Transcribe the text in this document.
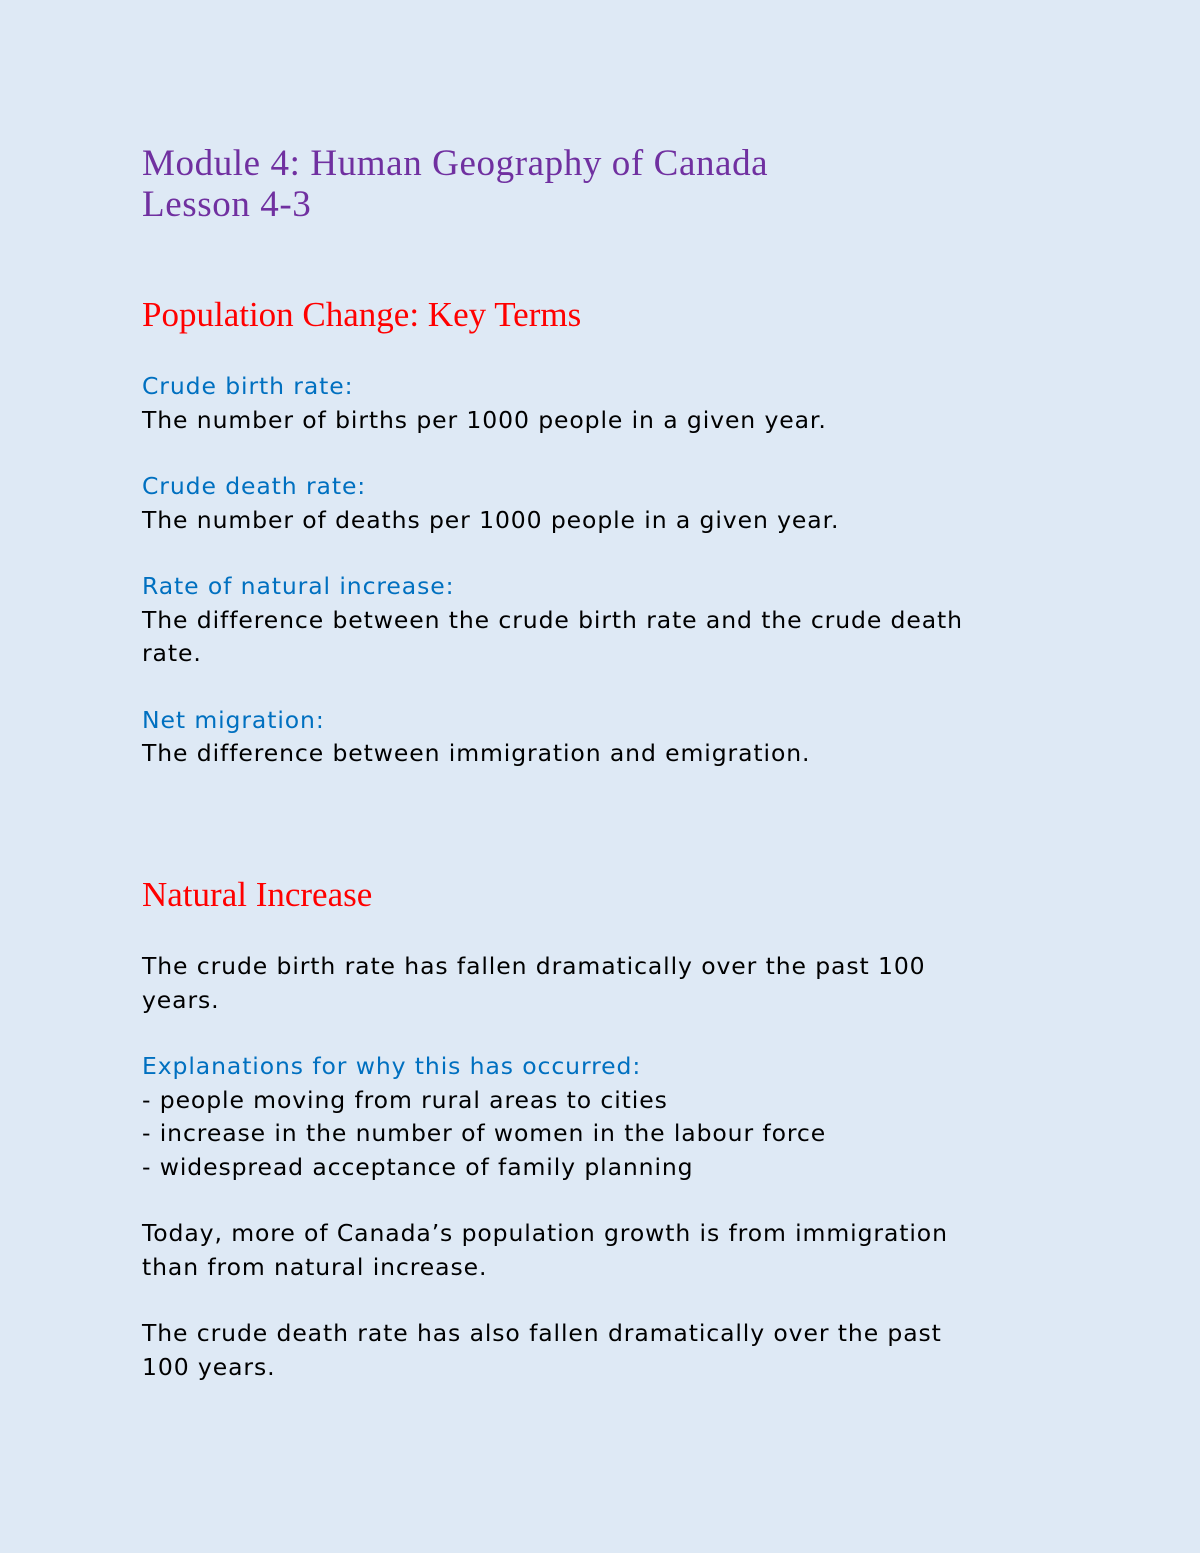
Module 4: Human Geography of Canada
Lesson 4-3
Population Change: Key Terms
Crude birth rate:
The number of births per 1000 people in a given year.
Crude death rate:
The number of deaths per 1000 people in a given year.
Rate of natural increase:
The difference between the crude birth rate and the crude death
rate.
Net migration:
The difference between immigration and emigration.
Natural Increase
The crude birth rate has fallen dramatically over the past 100
years.
Explanations for why this has occurred:
- people moving from rural areas to cities
- increase in the number of women in the labour force
- widespread acceptance of family planning
Today, more of Canada’s population growth is from immigration
than from natural increase.
The crude death rate has also fallen dramatically over the past
100 years.
